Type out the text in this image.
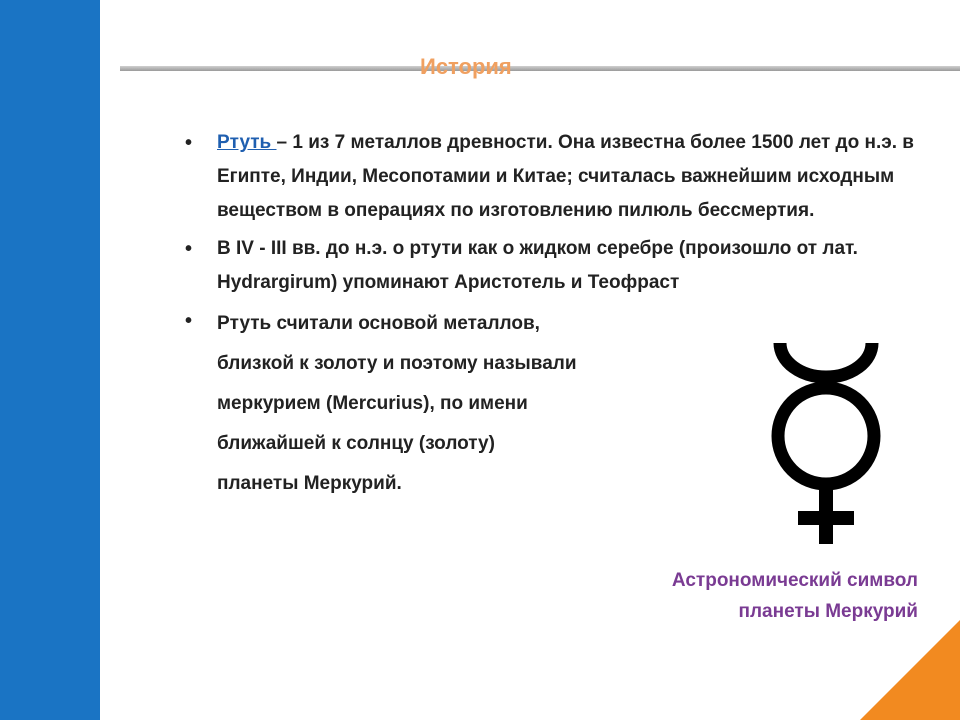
История
• Ртуть – 1 из 7 металлов древности. Она известна более 1500 лет до н.э. в Египте, Индии, Месопотамии и Китае; считалась важнейшим исходным веществом в операциях по изготовлению пилюль бессмертия.
• В IV - III вв. до н.э. о ртути как о жидком серебре (произошло от лат. Hydrargirum) упоминают Аристотель и Теофраст
• Ртуть считали основой металлов,
близкой к золоту и поэтому называли
меркурием (Mercurius), по имени
ближайшей к солнцу (золоту)
планеты Меркурий.
Астрономический символ
планеты Меркурий
